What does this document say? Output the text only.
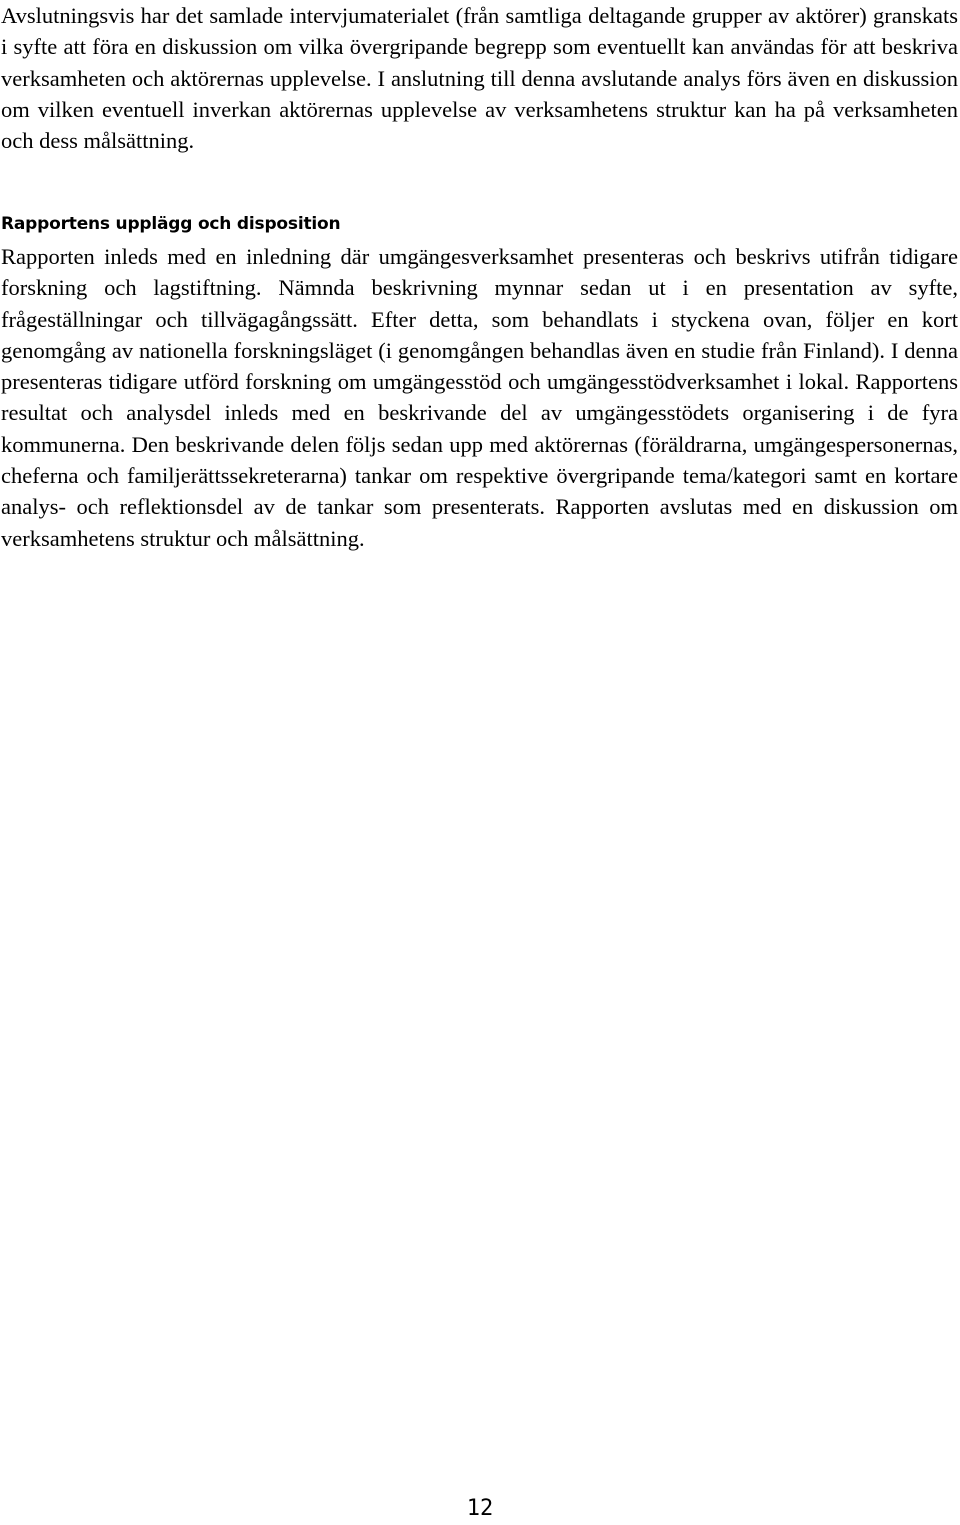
Avslutningsvis har det samlade intervjumaterialet (från samtliga deltagande grupper av aktörer) granskats i syfte att föra en diskussion om vilka övergripande begrepp som eventuellt kan användas för att beskriva verksamheten och aktörernas upplevelse. I anslutning till denna avslutande analys förs även en diskussion om vilken eventuell inverkan aktörernas upplevelse av verksamhetens struktur kan ha på verksamheten och dess målsättning.

Rapportens upplägg och disposition

Rapporten inleds med en inledning där umgängesverksamhet presenteras och beskrivs utifrån tidigare forskning och lagstiftning. Nämnda beskrivning mynnar sedan ut i en presentation av syfte, frågeställningar och tillvägagångssätt. Efter detta, som behandlats i styckena ovan, följer en kort genomgång av nationella forskningsläget (i genomgången behandlas även en studie från Finland). I denna presenteras tidigare utförd forskning om umgängesstöd och umgängesstödverksamhet i lokal. Rapportens resultat och analysdel inleds med en beskrivande del av umgängesstödets organisering i de fyra kommunerna. Den beskrivande delen följs sedan upp med aktörernas (föräldrarna, umgängespersonernas, cheferna och familjerättssekreterarna) tankar om respektive övergripande tema/kategori samt en kortare analys- och reflektionsdel av de tankar som presenterats. Rapporten avslutas med en diskussion om verksamhetens struktur och målsättning.

12
